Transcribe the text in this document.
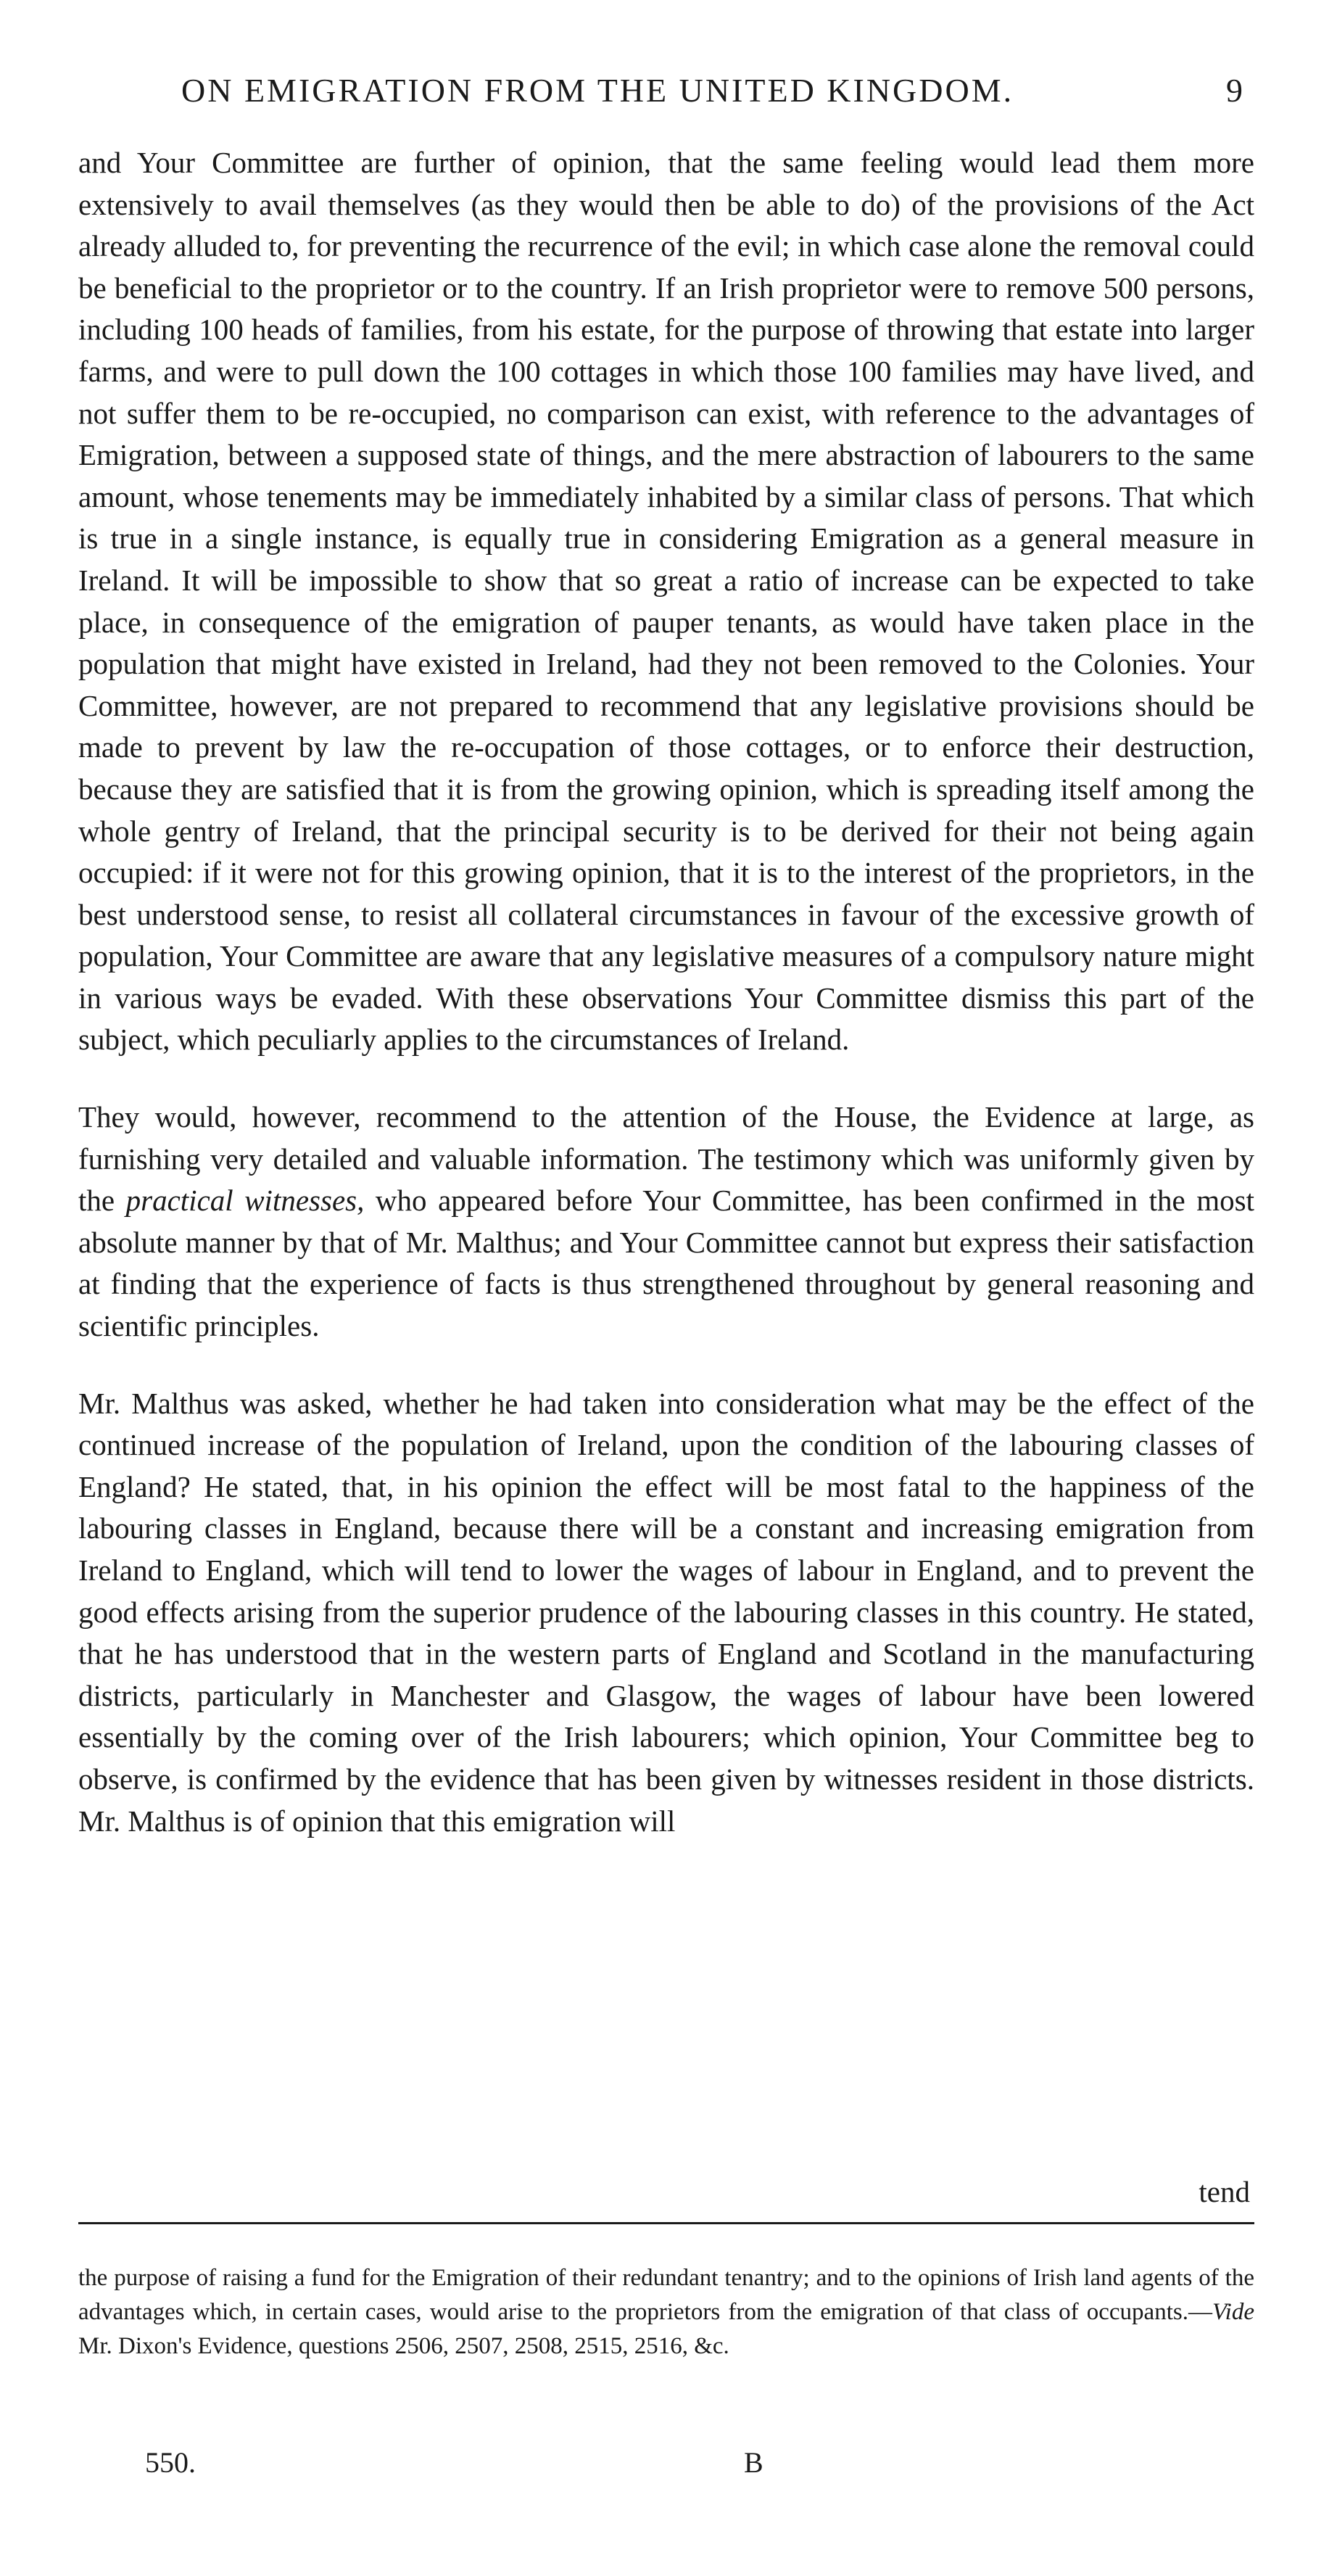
ON EMIGRATION FROM THE UNITED KINGDOM.	9

and Your Committee are further of opinion, that the same feeling would lead them more extensively to avail themselves (as they would then be able to do) of the provisions of the Act already alluded to, for preventing the recurrence of the evil; in which case alone the removal could be beneficial to the proprietor or to the country. If an Irish proprietor were to remove 500 persons, including 100 heads of families, from his estate, for the purpose of throwing that estate into larger farms, and were to pull down the 100 cottages in which those 100 families may have lived, and not suffer them to be re-occupied, no comparison can exist, with reference to the advantages of Emigration, between a supposed state of things, and the mere abstraction of labourers to the same amount, whose tenements may be immediately inhabited by a similar class of persons. That which is true in a single instance, is equally true in considering Emigration as a general measure in Ireland. It will be impossible to show that so great a ratio of increase can be expected to take place, in consequence of the emigration of pauper tenants, as would have taken place in the population that might have existed in Ireland, had they not been removed to the Colonies. Your Committee, however, are not prepared to recommend that any legislative provisions should be made to prevent by law the re-occupation of those cottages, or to enforce their destruction, because they are satisfied that it is from the growing opinion, which is spreading itself among the whole gentry of Ireland, that the principal security is to be derived for their not being again occupied: if it were not for this growing opinion, that it is to the interest of the proprietors, in the best understood sense, to resist all collateral circumstances in favour of the excessive growth of population, Your Committee are aware that any legislative measures of a compulsory nature might in various ways be evaded. With these observations Your Committee dismiss this part of the subject, which peculiarly applies to the circumstances of Ireland.

They would, however, recommend to the attention of the House, the Evidence at large, as furnishing very detailed and valuable information. The testimony which was uniformly given by the practical witnesses, who appeared before Your Committee, has been confirmed in the most absolute manner by that of Mr. Malthus; and Your Committee cannot but express their satisfaction at finding that the experience of facts is thus strengthened throughout by general reasoning and scientific principles.

Mr. Malthus was asked, whether he had taken into consideration what may be the effect of the continued increase of the population of Ireland, upon the condition of the labouring classes of England? He stated, that, in his opinion the effect will be most fatal to the happiness of the labouring classes in England, because there will be a constant and increasing emigration from Ireland to England, which will tend to lower the wages of labour in England, and to prevent the good effects arising from the superior prudence of the labouring classes in this country. He stated, that he has understood that in the western parts of England and Scotland in the manufacturing districts, particularly in Manchester and Glasgow, the wages of labour have been lowered essentially by the coming over of the Irish labourers; which opinion, Your Committee beg to observe, is confirmed by the evidence that has been given by witnesses resident in those districts. Mr. Malthus is of opinion that this emigration will

tend

the purpose of raising a fund for the Emigration of their redundant tenantry; and to the opinions of Irish land agents of the advantages which, in certain cases, would arise to the proprietors from the emigration of that class of occupants.—Vide Mr. Dixon's Evidence, questions 2506, 2507, 2508, 2515, 2516, &c.

550.	B
